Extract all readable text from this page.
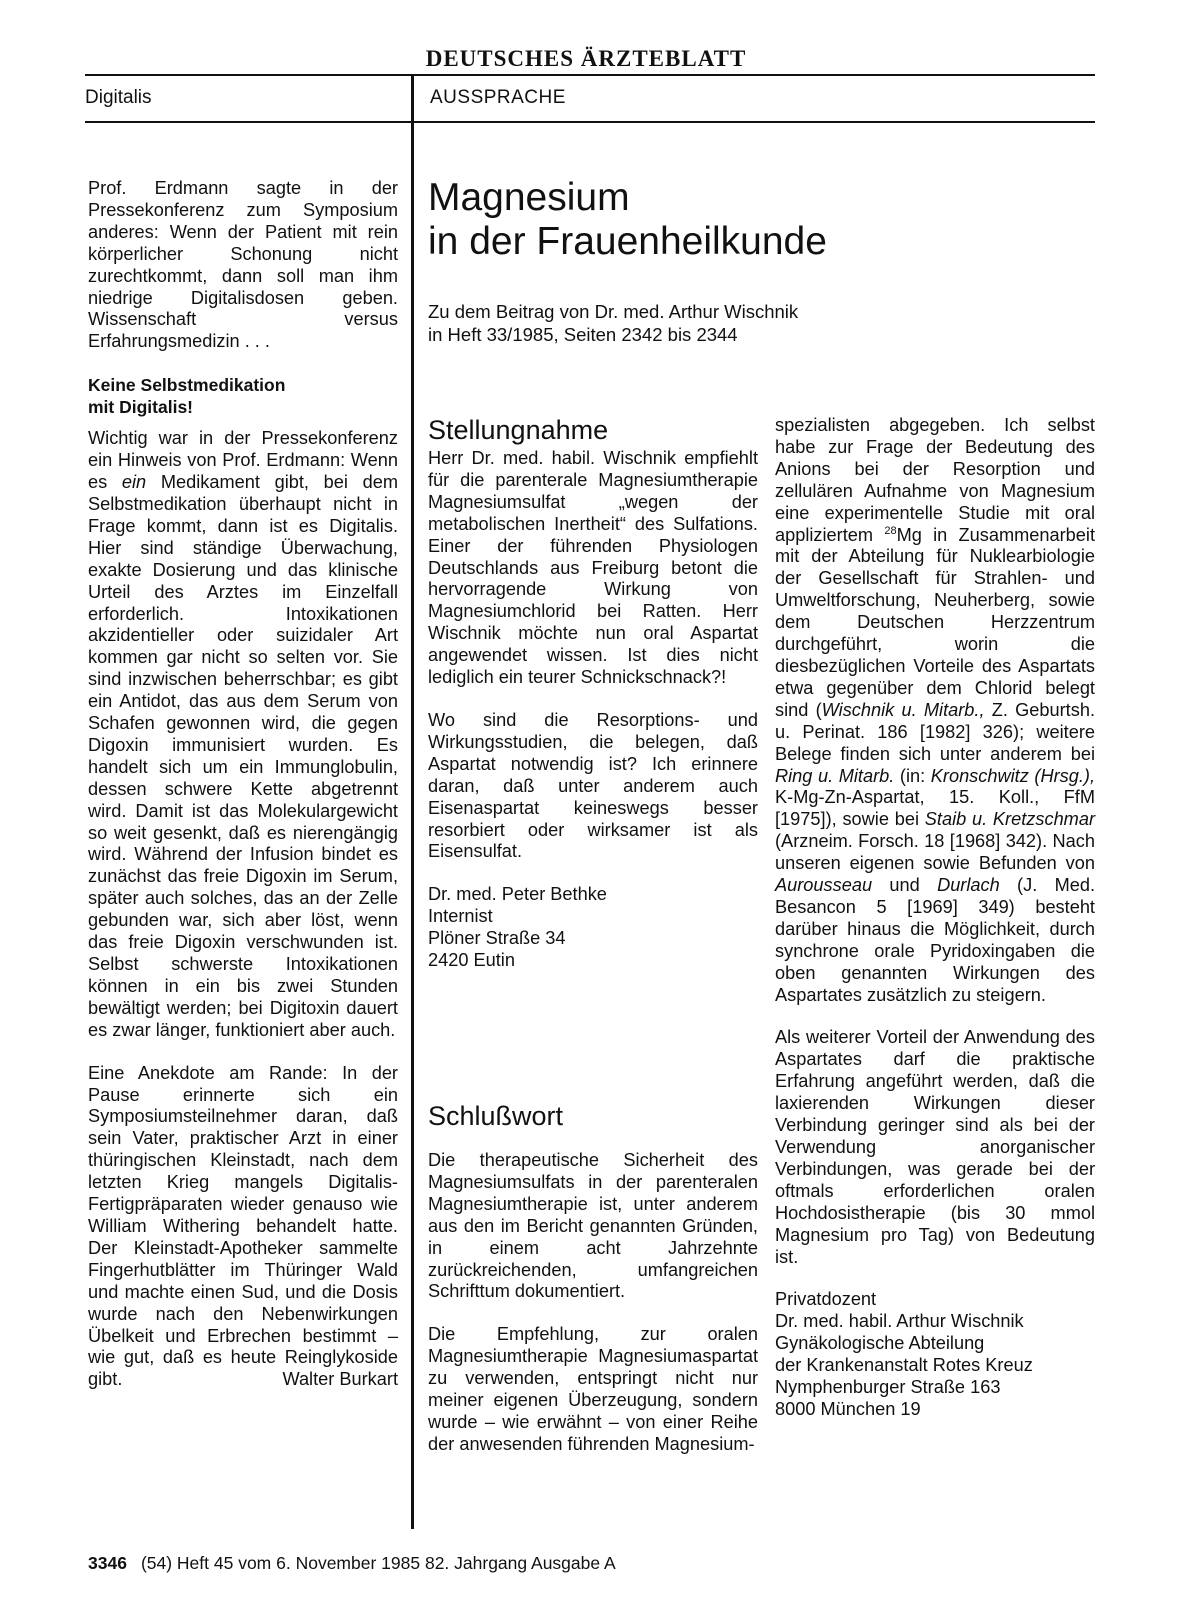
DEUTSCHES ÄRZTEBLATT
Digitalis	AUSSPRACHE

Prof. Erdmann sagte in der Pressekonferenz zum Symposium anderes: Wenn der Patient mit rein körperlicher Schonung nicht zurechtkommt, dann soll man ihm niedrige Digitalisdosen geben. Wissenschaft versus Erfahrungsmedizin . . .

Keine Selbstmedikation
mit Digitalis!

Wichtig war in der Pressekonferenz ein Hinweis von Prof. Erdmann: Wenn es ein Medikament gibt, bei dem Selbstmedikation überhaupt nicht in Frage kommt, dann ist es Digitalis. Hier sind ständige Überwachung, exakte Dosierung und das klinische Urteil des Arztes im Einzelfall erforderlich. Intoxikationen akzidentieller oder suizidaler Art kommen gar nicht so selten vor. Sie sind inzwischen beherrschbar; es gibt ein Antidot, das aus dem Serum von Schafen gewonnen wird, die gegen Digoxin immunisiert wurden. Es handelt sich um ein Immunglobulin, dessen schwere Kette abgetrennt wird. Damit ist das Molekulargewicht so weit gesenkt, daß es nierengängig wird. Während der Infusion bindet es zunächst das freie Digoxin im Serum, später auch solches, das an der Zelle gebunden war, sich aber löst, wenn das freie Digoxin verschwunden ist. Selbst schwerste Intoxikationen können in ein bis zwei Stunden bewältigt werden; bei Digitoxin dauert es zwar länger, funktioniert aber auch.

Eine Anekdote am Rande: In der Pause erinnerte sich ein Symposiumsteilnehmer daran, daß sein Vater, praktischer Arzt in einer thüringischen Kleinstadt, nach dem letzten Krieg mangels Digitalis-Fertigpräparaten wieder genauso wie William Withering behandelt hatte. Der Kleinstadt-Apotheker sammelte Fingerhutblätter im Thüringer Wald und machte einen Sud, und die Dosis wurde nach den Nebenwirkungen Übelkeit und Erbrechen bestimmt – wie gut, daß es heute Reinglykoside gibt.	Walter Burkart

Magnesium
in der Frauenheilkunde
Zu dem Beitrag von Dr. med. Arthur Wischnik
in Heft 33/1985, Seiten 2342 bis 2344
Stellungnahme

Herr Dr. med. habil. Wischnik empfiehlt für die parenterale Magnesiumtherapie Magnesiumsulfat „wegen der metabolischen Inertheit“ des Sulfations. Einer der führenden Physiologen Deutschlands aus Freiburg betont die hervorragende Wirkung von Magnesiumchlorid bei Ratten. Herr Wischnik möchte nun oral Aspartat angewendet wissen. Ist dies nicht lediglich ein teurer Schnickschnack?!

Wo sind die Resorptions- und Wirkungsstudien, die belegen, daß Aspartat notwendig ist? Ich erinnere daran, daß unter anderem auch Eisenaspartat keineswegs besser resorbiert oder wirksamer ist als Eisensulfat.

Dr. med. Peter Bethke
Internist
Plöner Straße 34
2420 Eutin

Schlußwort

Die therapeutische Sicherheit des Magnesiumsulfats in der parenteralen Magnesiumtherapie ist, unter anderem aus den im Bericht genannten Gründen, in einem acht Jahrzehnte zurückreichenden, umfangreichen Schrifttum dokumentiert.

Die Empfehlung, zur oralen Magnesiumtherapie Magnesiumaspartat zu verwenden, entspringt nicht nur meiner eigenen Überzeugung, sondern wurde – wie erwähnt – von einer Reihe der anwesenden führenden Magnesium-

spezialisten abgegeben. Ich selbst habe zur Frage der Bedeutung des Anions bei der Resorption und zellulären Aufnahme von Magnesium eine experimentelle Studie mit oral appliziertem $^{28}$Mg in Zusammenarbeit mit der Abteilung für Nuklearbiologie der Gesellschaft für Strahlen- und Umweltforschung, Neuherberg, sowie dem Deutschen Herzzentrum durchgeführt, worin die diesbezüglichen Vorteile des Aspartats etwa gegenüber dem Chlorid belegt sind (Wischnik u. Mitarb., Z. Geburtsh. u. Perinat. 186 [1982] 326); weitere Belege finden sich unter anderem bei Ring u. Mitarb. (in: Kronschwitz (Hrsg.), K-Mg-Zn-Aspartat, 15. Koll., FfM [1975]), sowie bei Staib u. Kretzschmar (Arzneim. Forsch. 18 [1968] 342). Nach unseren eigenen sowie Befunden von Aurousseau und Durlach (J. Med. Besancon 5 [1969] 349) besteht darüber hinaus die Möglichkeit, durch synchrone orale Pyridoxingaben die oben genannten Wirkungen des Aspartates zusätzlich zu steigern.

Als weiterer Vorteil der Anwendung des Aspartates darf die praktische Erfahrung angeführt werden, daß die laxierenden Wirkungen dieser Verbindung geringer sind als bei der Verwendung anorganischer Verbindungen, was gerade bei der oftmals erforderlichen oralen Hochdosistherapie (bis 30 mmol Magnesium pro Tag) von Bedeutung ist.

Privatdozent
Dr. med. habil. Arthur Wischnik
Gynäkologische Abteilung
der Krankenanstalt Rotes Kreuz
Nymphenburger Straße 163
8000 München 19

3346 (54) Heft 45 vom 6. November 1985 82. Jahrgang Ausgabe A
